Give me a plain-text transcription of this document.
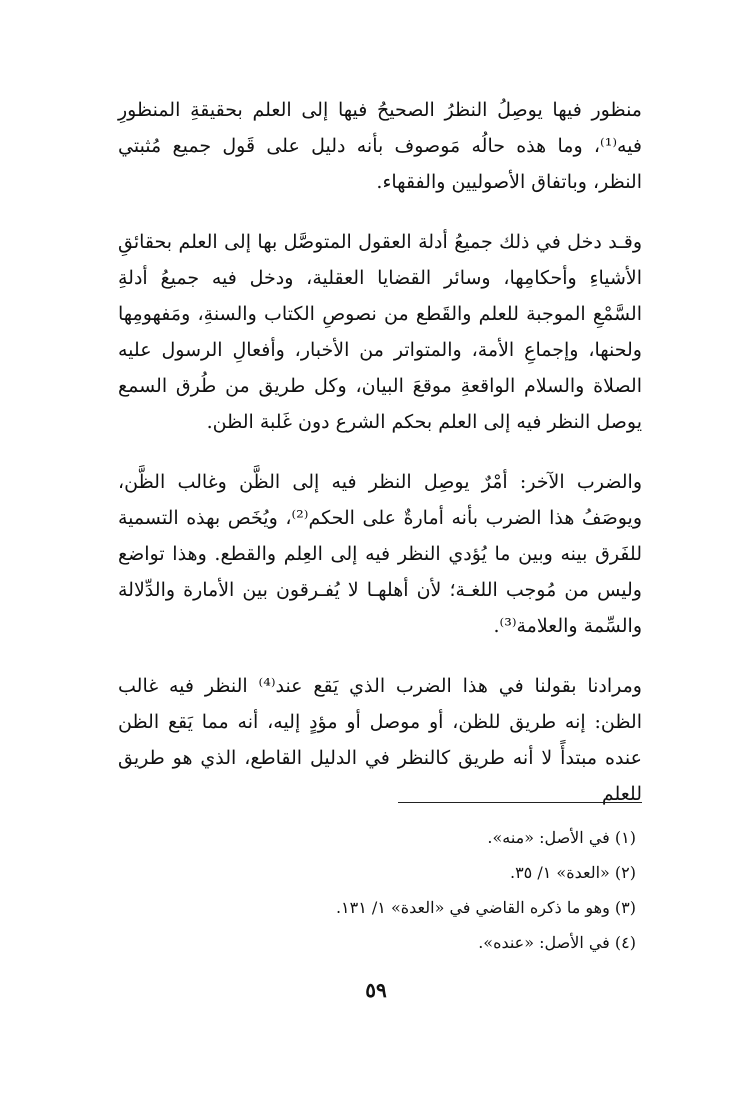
منظور فيها يوصِلُ النظرُ الصحيحُ فيها إلى العلم بحقيقةِ المنظورِ فيه⁽¹⁾، وما هذه حالُه مَوصوف بأنه دليل على قَول جميع مُثبتي النظر، وباتفاق الأصوليين والفقهاء.

وقـد دخل في ذلك جميعُ أدلة العقول المتوصَّل بها إلى العلم بحقائقِ الأشياءِ وأحكامِها، وسائر القضايا العقلية، ودخل فيه جميعُ أدلةِ السَّمْعِ الموجبة للعلم والقَطع من نصوصِ الكتاب والسنةِ، ومَفهومِها ولحنها، وإجماعِ الأمة، والمتواتر من الأخبار، وأفعالِ الرسول عليه الصلاة والسلام الواقعةِ موقعَ البيان، وكل طريق من طُرق السمع يوصل النظر فيه إلى العلم بحكم الشرع دون غَلبة الظن.

والضرب الآخر: أمْرٌ يوصِل النظر فيه إلى الظَّن وغالب الظَّن، ويوصَفُ هذا الضرب بأنه أمارةٌ على الحكم⁽²⁾، ويُخَص بهذه التسمية للفَرق بينه وبين ما يُؤدي النظر فيه إلى العِلم والقطع. وهذا تواضع وليس من مُوجب اللغـة؛ لأن أهلهـا لا يُفـرقون بين الأمارة والدِّلالة والسِّمة والعلامة⁽³⁾.

ومرادنا بقولنا في هذا الضرب الذي يَقع عند⁽⁴⁾ النظر فيه غالب الظن: إنه طريق للظن، أو موصل أو مؤدٍ إليه، أنه مما يَقع الظن عنده مبتدأً لا أنه طريق كالنظر في الدليل القاطع، الذي هو طريق للعلم

(١) في الأصل: «منه».
(٢) «العدة» ١/ ٣٥.
(٣) وهو ما ذكره القاضي في «العدة» ١/ ١٣١.
(٤) في الأصل: «عنده».
٥٩
